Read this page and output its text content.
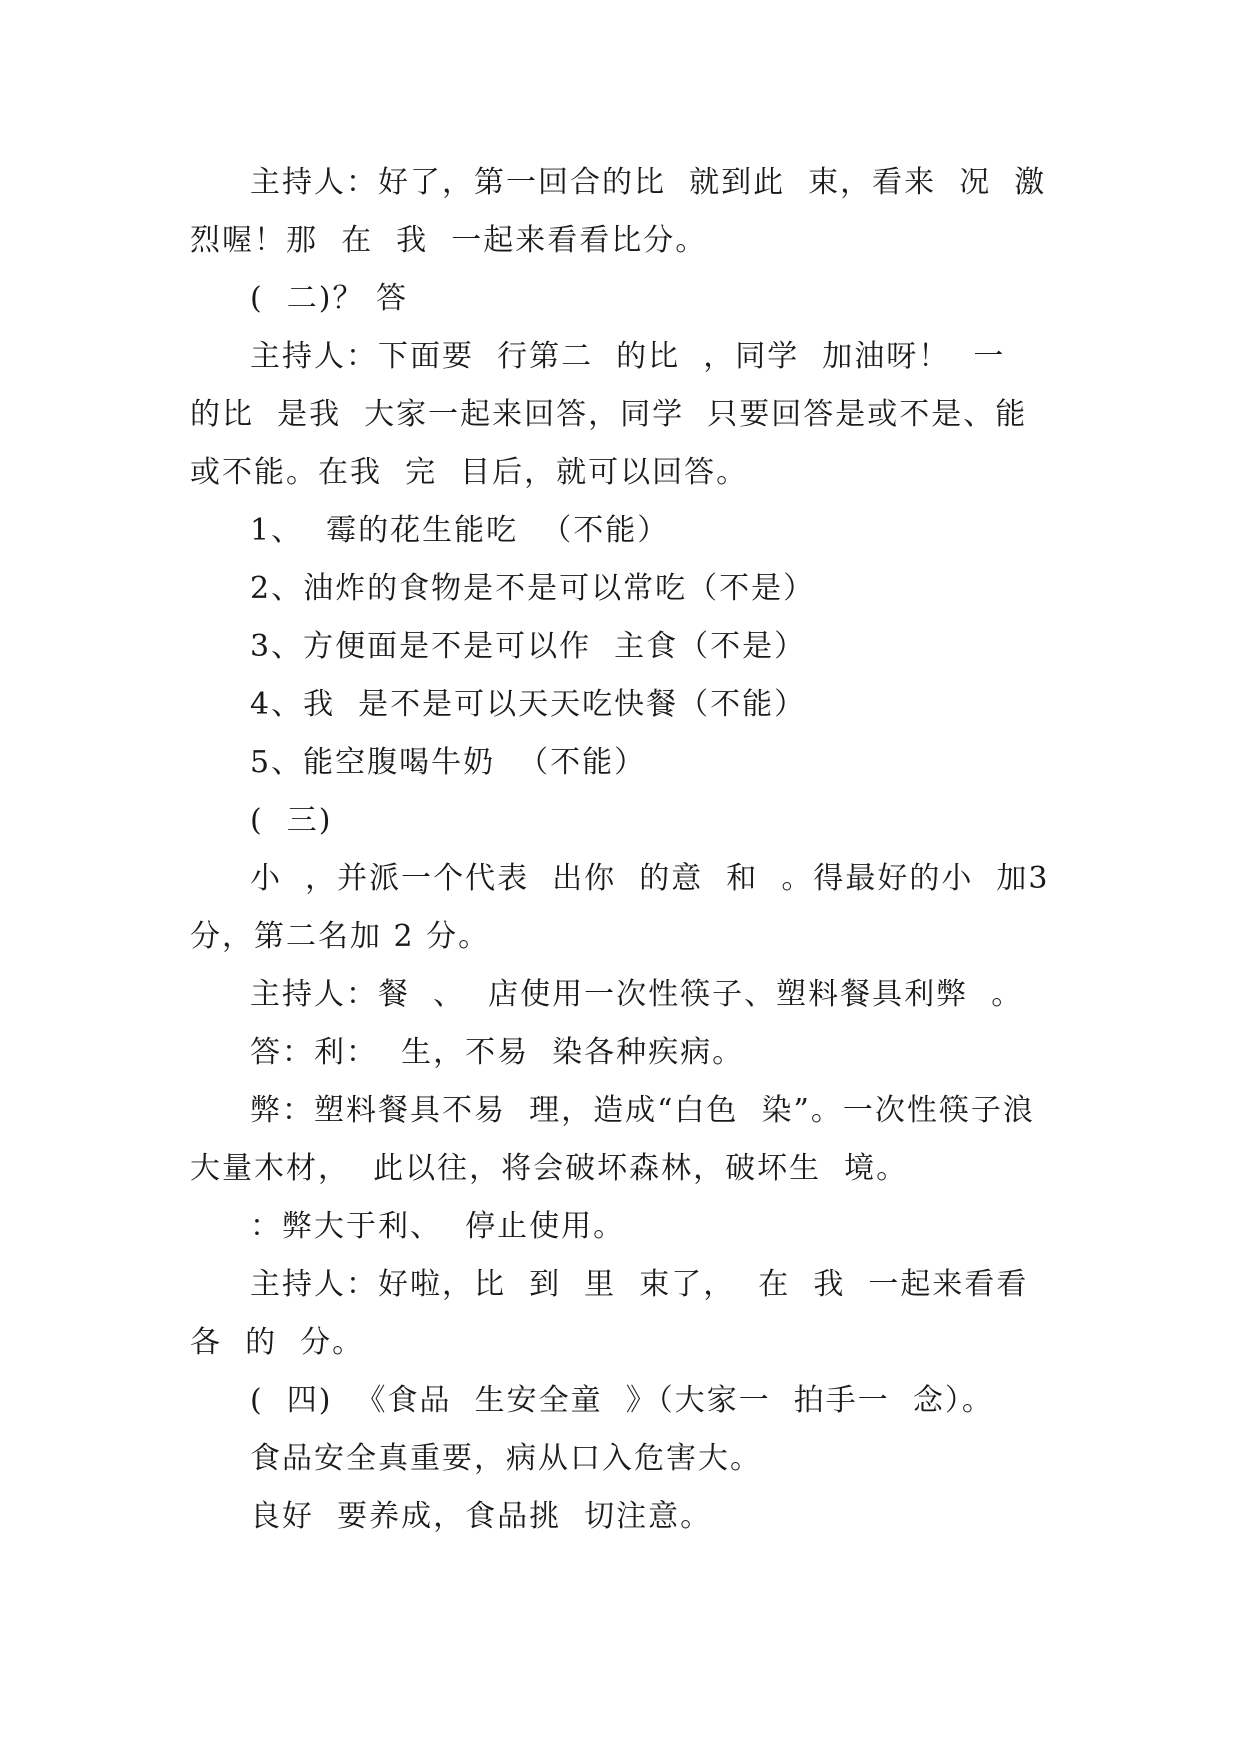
主持人：好了，第一回合的比  就到此  束，看来  况  激烈喔！那  在  我  一起来看看比分。

(  二)？ 答

主持人：下面要  行第二  的比  ，同学  加油呀！  一  的比  是我  大家一起来回答，同学  只要回答是或不是、能或不能。在我  完  目后，就可以回答。

1、  霉的花生能吃  （不能）

2、油炸的食物是不是可以常吃（不是）

3、方便面是不是可以作  主食（不是）

4、我  是不是可以天天吃快餐（不能）

5、能空腹喝牛奶  （不能）

(  三)

小  ，并派一个代表  出你  的意  和  。得最好的小  加3分，第二名加 2 分。

主持人：餐  、  店使用一次性筷子、塑料餐具利弊  。

答：利：  生，不易  染各种疾病。

弊：塑料餐具不易  理，造成“白色  染”。一次性筷子浪  大量木材，  此以往，将会破坏森林，破坏生  境。

：弊大于利、  停止使用。

主持人：好啦，比  到  里  束了，  在  我  一起来看看各  的  分。

(  四)  《食品  生安全童  》（大家一  拍手一  念）。

食品安全真重要，病从口入危害大。

良好  要养成，食品挑  切注意。
